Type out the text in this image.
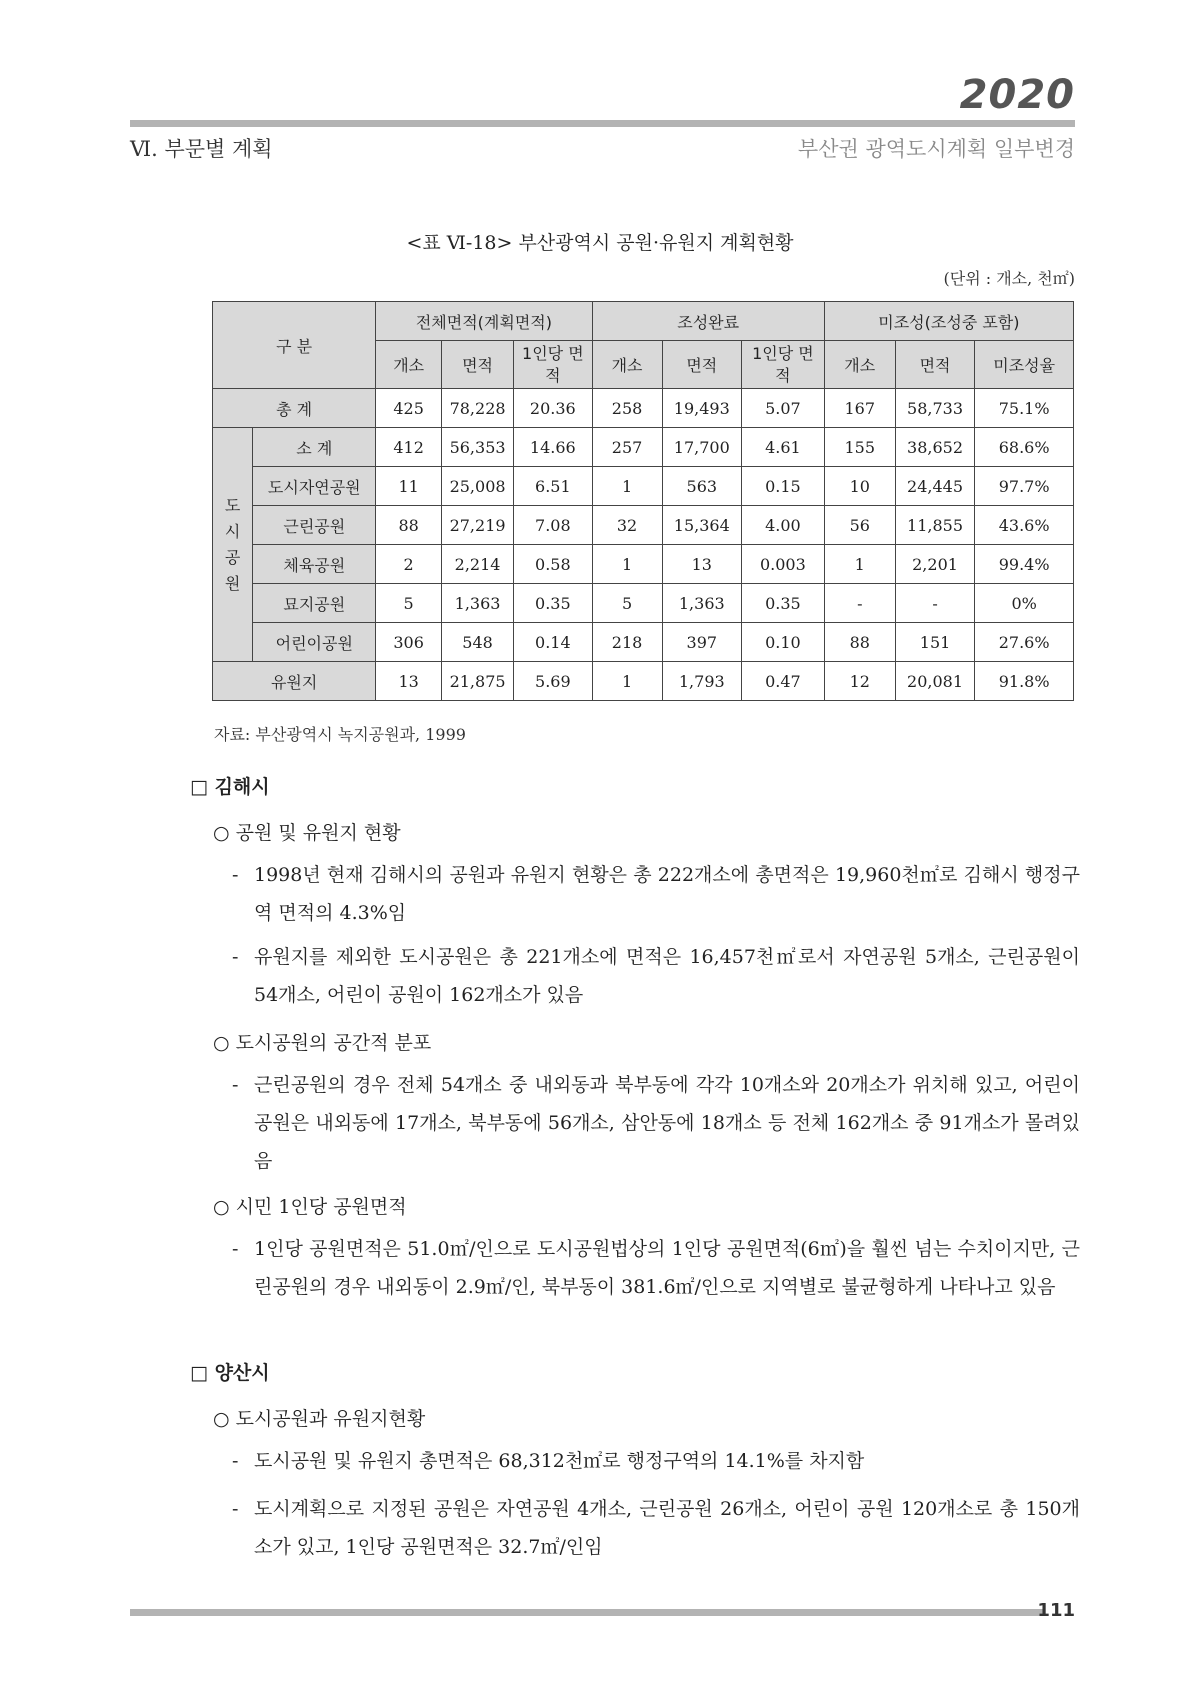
2020
Ⅵ. 부문별 계획	부산권 광역도시계획 일부변경
<표 Ⅵ-18> 부산광역시 공원·유원지 계획현황
(단위 : 개소, 천㎡)
구 분		전체면적(계획면적)			조성완료			미조성(조성중 포함)		
		개소	면적	1인당 면적	개소	면적	1인당 면적	개소	면적	미조성율
총 계		425	78,228	20.36	258	19,493	5.07	167	58,733	75.1%
도시공원	소 계	412	56,353	14.66	257	17,700	4.61	155	38,652	68.6%
	도시자연공원	11	25,008	6.51	1	563	0.15	10	24,445	97.7%
	근린공원	88	27,219	7.08	32	15,364	4.00	56	11,855	43.6%
	체육공원	2	2,214	0.58	1	13	0.003	1	2,201	99.4%
	묘지공원	5	1,363	0.35	5	1,363	0.35	-	-	0%
	어린이공원	306	548	0.14	218	397	0.10	88	151	27.6%
유원지		13	21,875	5.69	1	1,793	0.47	12	20,081	91.8%
자료: 부산광역시 녹지공원과, 1999
□ 김해시
○ 공원 및 유원지 현황
- 1998년 현재 김해시의 공원과 유원지 현황은 총 222개소에 총면적은 19,960천㎡로 김해시 행정구역 면적의 4.3%임
- 유원지를 제외한 도시공원은 총 221개소에 면적은 16,457천㎡로서 자연공원 5개소, 근린공원이 54개소, 어린이 공원이 162개소가 있음
○ 도시공원의 공간적 분포
- 근린공원의 경우 전체 54개소 중 내외동과 북부동에 각각 10개소와 20개소가 위치해 있고, 어린이 공원은 내외동에 17개소, 북부동에 56개소, 삼안동에 18개소 등 전체 162개소 중 91개소가 몰려있음
○ 시민 1인당 공원면적
- 1인당 공원면적은 51.0㎡/인으로 도시공원법상의 1인당 공원면적(6㎡)을 훨씬 넘는 수치이지만, 근린공원의 경우 내외동이 2.9㎡/인, 북부동이 381.6㎡/인으로 지역별로 불균형하게 나타나고 있음
□ 양산시
○ 도시공원과 유원지현황
- 도시공원 및 유원지 총면적은 68,312천㎡로 행정구역의 14.1%를 차지함
- 도시계획으로 지정된 공원은 자연공원 4개소, 근린공원 26개소, 어린이 공원 120개소로 총 150개소가 있고, 1인당 공원면적은 32.7㎡/인임
111
